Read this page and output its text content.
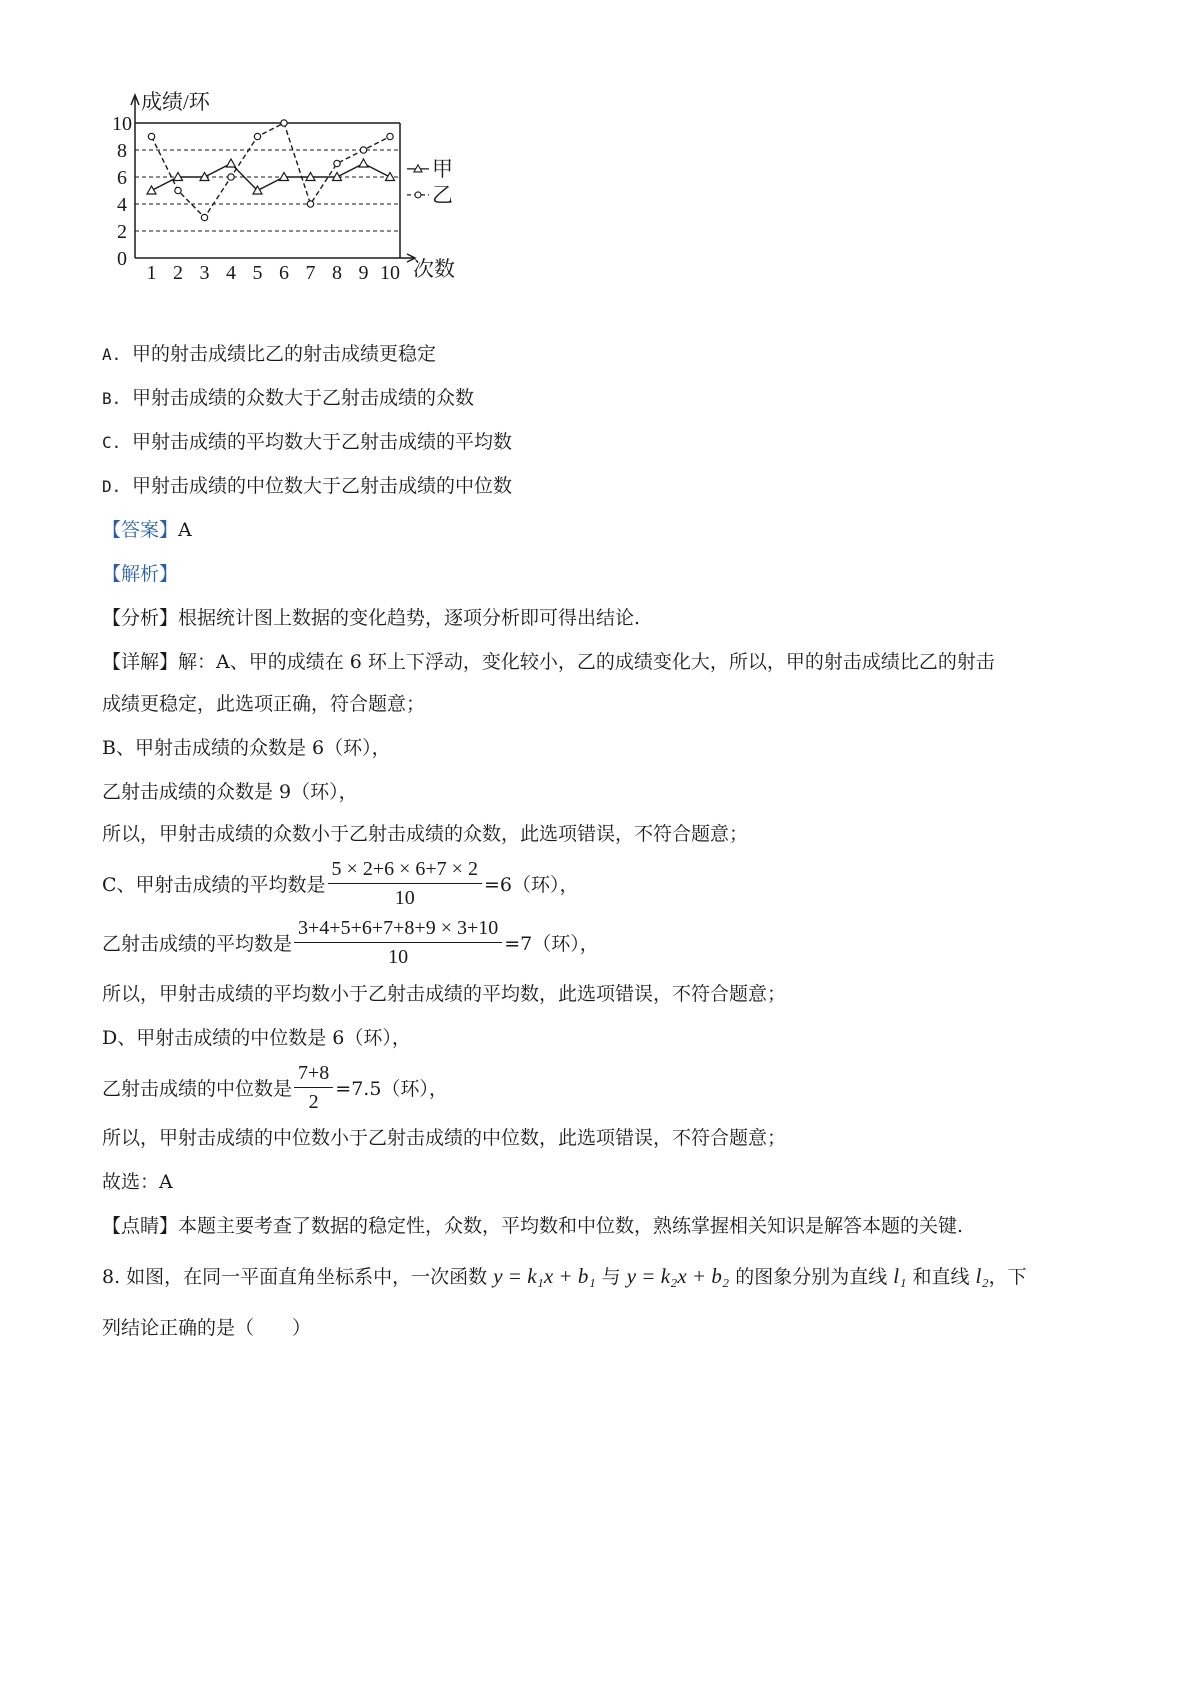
成绩/环
次数
0
2
4
6
8
10
1 2 3 4 5 6 7 8 9 10
甲
乙
A. 甲的射击成绩比乙的射击成绩更稳定
B. 甲射击成绩的众数大于乙射击成绩的众数
C. 甲射击成绩的平均数大于乙射击成绩的平均数
D. 甲射击成绩的中位数大于乙射击成绩的中位数
【答案】A
【解析】
【分析】根据统计图上数据的变化趋势，逐项分析即可得出结论.
【详解】解：A、甲的成绩在 6 环上下浮动，变化较小，乙的成绩变化大，所以，甲的射击成绩比乙的射击
成绩更稳定，此选项正确，符合题意；
B、甲射击成绩的众数是 6（环），
乙射击成绩的众数是 9（环），
所以，甲射击成绩的众数小于乙射击成绩的众数，此选项错误，不符合题意；
C、甲射击成绩的平均数是 $\frac{5 \times 2+6 \times 6+7 \times 2}{10} =6$（环），
乙射击成绩的平均数是 $\frac{3+4+5+6+7+8+9 \times 3+10}{10} =7$（环），
所以，甲射击成绩的平均数小于乙射击成绩的平均数，此选项错误，不符合题意；
D、甲射击成绩的中位数是 6（环），
乙射击成绩的中位数是 $\frac{7+8}{2} =7.5$（环），
所以，甲射击成绩的中位数小于乙射击成绩的中位数，此选项错误，不符合题意；
故选：A
【点睛】本题主要考查了数据的稳定性，众数，平均数和中位数，熟练掌握相关知识是解答本题的关键.
8. 如图，在同一平面直角坐标系中，一次函数 y = k₁x + b₁ 与 y = k₂x + b₂ 的图象分别为直线 l₁ 和直线 l₂，下
列结论正确的是（　　）
